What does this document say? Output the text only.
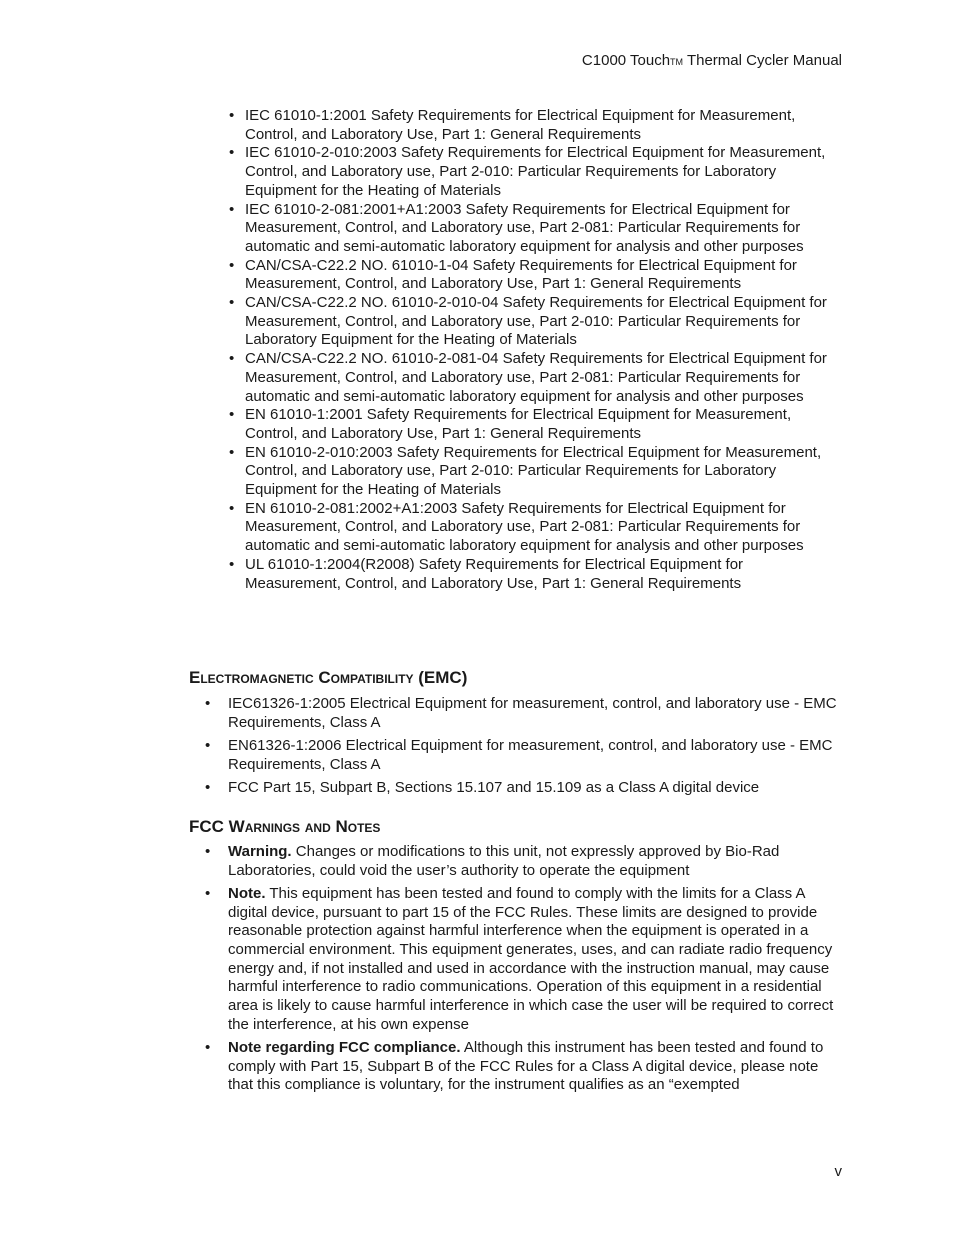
C1000 TouchTM Thermal Cycler Manual
• IEC 61010-1:2001 Safety Requirements for Electrical Equipment for Measurement, Control, and Laboratory Use, Part 1: General Requirements
• IEC 61010-2-010:2003 Safety Requirements for Electrical Equipment for Measurement, Control, and Laboratory use, Part 2-010: Particular Requirements for Laboratory Equipment for the Heating of Materials
• IEC 61010-2-081:2001+A1:2003 Safety Requirements for Electrical Equipment for Measurement, Control, and Laboratory use, Part 2-081: Particular Requirements for automatic and semi-automatic laboratory equipment for analysis and other purposes
• CAN/CSA-C22.2 NO. 61010-1-04 Safety Requirements for Electrical Equipment for Measurement, Control, and Laboratory Use, Part 1: General Requirements
• CAN/CSA-C22.2 NO. 61010-2-010-04 Safety Requirements for Electrical Equipment for Measurement, Control, and Laboratory use, Part 2-010: Particular Requirements for Laboratory Equipment for the Heating of Materials
• CAN/CSA-C22.2 NO. 61010-2-081-04 Safety Requirements for Electrical Equipment for Measurement, Control, and Laboratory use, Part 2-081: Particular Requirements for automatic and semi-automatic laboratory equipment for analysis and other purposes
• EN 61010-1:2001 Safety Requirements for Electrical Equipment for Measurement, Control, and Laboratory Use, Part 1: General Requirements
• EN 61010-2-010:2003 Safety Requirements for Electrical Equipment for Measurement, Control, and Laboratory use, Part 2-010: Particular Requirements for Laboratory Equipment for the Heating of Materials
• EN 61010-2-081:2002+A1:2003 Safety Requirements for Electrical Equipment for Measurement, Control, and Laboratory use, Part 2-081: Particular Requirements for automatic and semi-automatic laboratory equipment for analysis and other purposes
• UL 61010-1:2004(R2008) Safety Requirements for Electrical Equipment for Measurement, Control, and Laboratory Use, Part 1: General Requirements
Electromagnetic Compatibility (EMC)
• IEC61326-1:2005 Electrical Equipment for measurement, control, and laboratory use - EMC Requirements, Class A
• EN61326-1:2006 Electrical Equipment for measurement, control, and laboratory use - EMC Requirements, Class A
• FCC Part 15, Subpart B, Sections 15.107 and 15.109 as a Class A digital device
FCC Warnings and Notes
• Warning. Changes or modifications to this unit, not expressly approved by Bio-Rad Laboratories, could void the user’s authority to operate the equipment
• Note. This equipment has been tested and found to comply with the limits for a Class A digital device, pursuant to part 15 of the FCC Rules. These limits are designed to provide reasonable protection against harmful interference when the equipment is operated in a commercial environment. This equipment generates, uses, and can radiate radio frequency energy and, if not installed and used in accordance with the instruction manual, may cause harmful interference to radio communications. Operation of this equipment in a residential area is likely to cause harmful interference in which case the user will be required to correct the interference, at his own expense
• Note regarding FCC compliance. Although this instrument has been tested and found to comply with Part 15, Subpart B of the FCC Rules for a Class A digital device, please note that this compliance is voluntary, for the instrument qualifies as an “exempted
v
